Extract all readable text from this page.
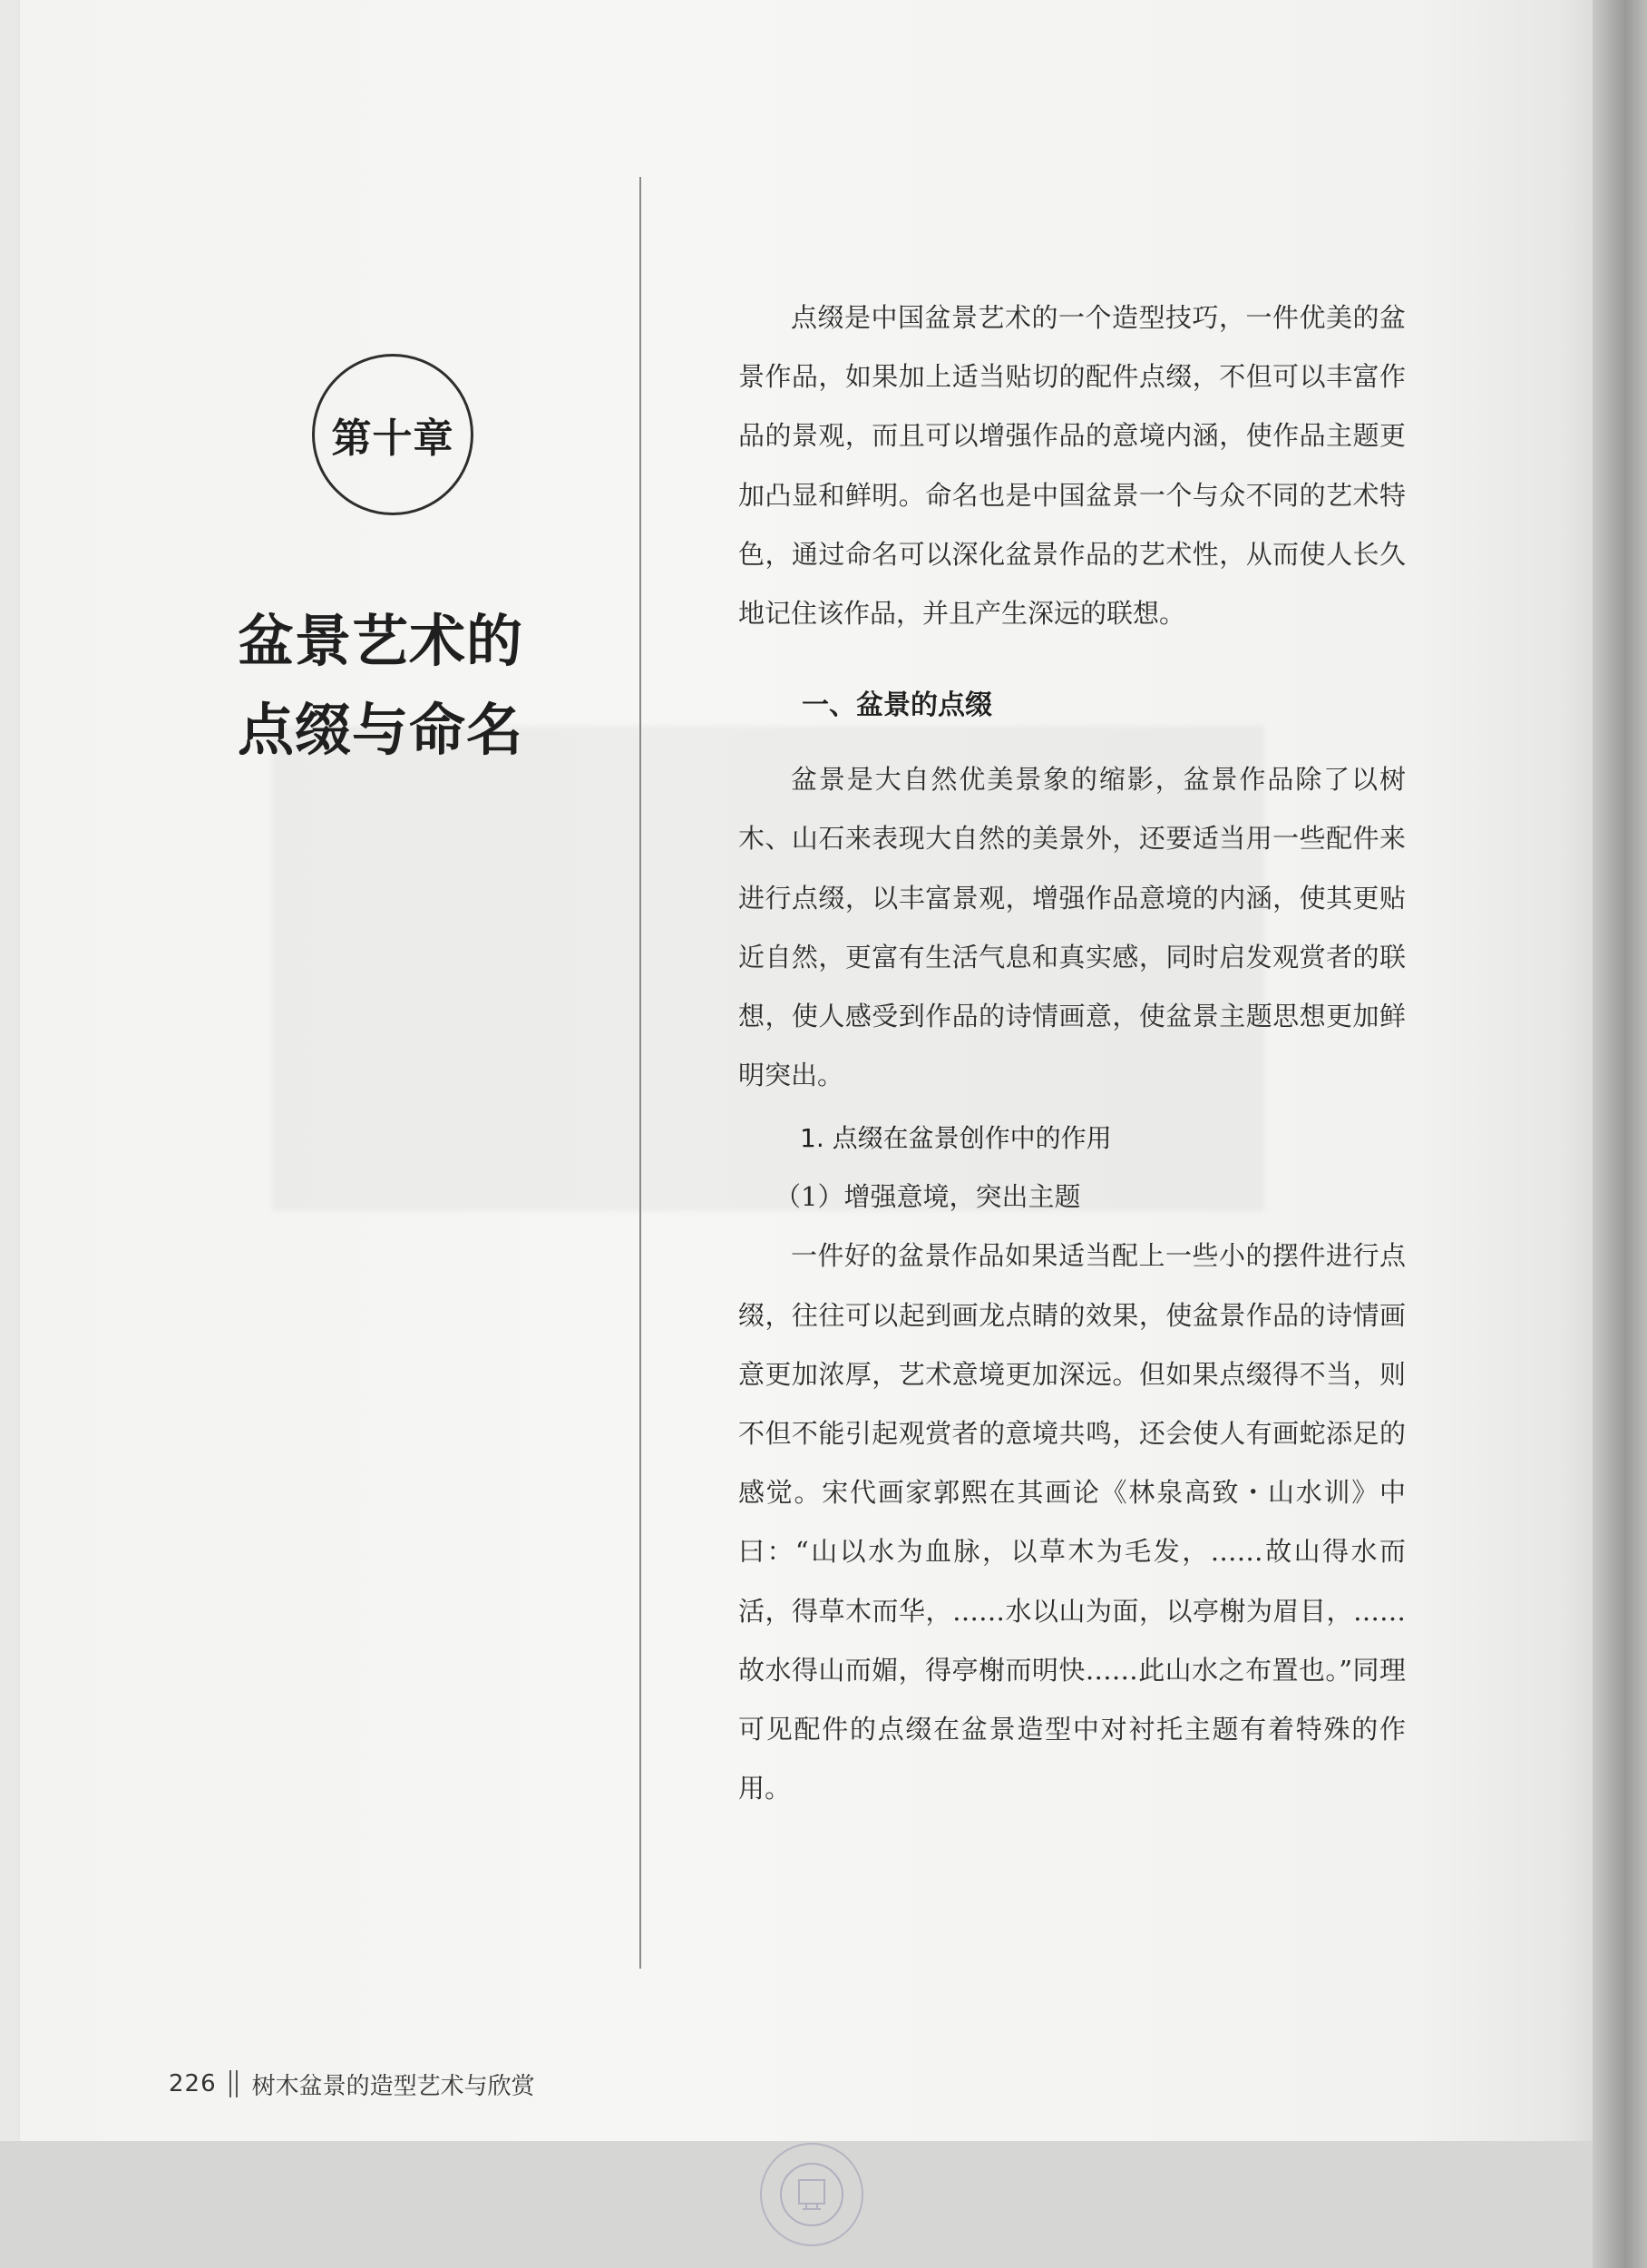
第十章
盆景艺术的
点缀与命名

点缀是中国盆景艺术的一个造型技巧，一件优美的盆景作品，如果加上适当贴切的配件点缀，不但可以丰富作品的景观，而且可以增强作品的意境内涵，使作品主题更加凸显和鲜明。命名也是中国盆景一个与众不同的艺术特色，通过命名可以深化盆景作品的艺术性，从而使人长久地记住该作品，并且产生深远的联想。

一、盆景的点缀

盆景是大自然优美景象的缩影，盆景作品除了以树木、山石来表现大自然的美景外，还要适当用一些配件来进行点缀，以丰富景观，增强作品意境的内涵，使其更贴近自然，更富有生活气息和真实感，同时启发观赏者的联想，使人感受到作品的诗情画意，使盆景主题思想更加鲜明突出。

1. 点缀在盆景创作中的作用
（1）增强意境，突出主题

一件好的盆景作品如果适当配上一些小的摆件进行点缀，往往可以起到画龙点睛的效果，使盆景作品的诗情画意更加浓厚，艺术意境更加深远。但如果点缀得不当，则不但不能引起观赏者的意境共鸣，还会使人有画蛇添足的感觉。宋代画家郭熙在其画论《林泉高致・山水训》中曰：“山以水为血脉，以草木为毛发，……故山得水而活，得草木而华，……水以山为面，以亭榭为眉目，……故水得山而媚，得亭榭而明快……此山水之布置也。”同理可见配件的点缀在盆景造型中对衬托主题有着特殊的作用。

226 树木盆景的造型艺术与欣赏
